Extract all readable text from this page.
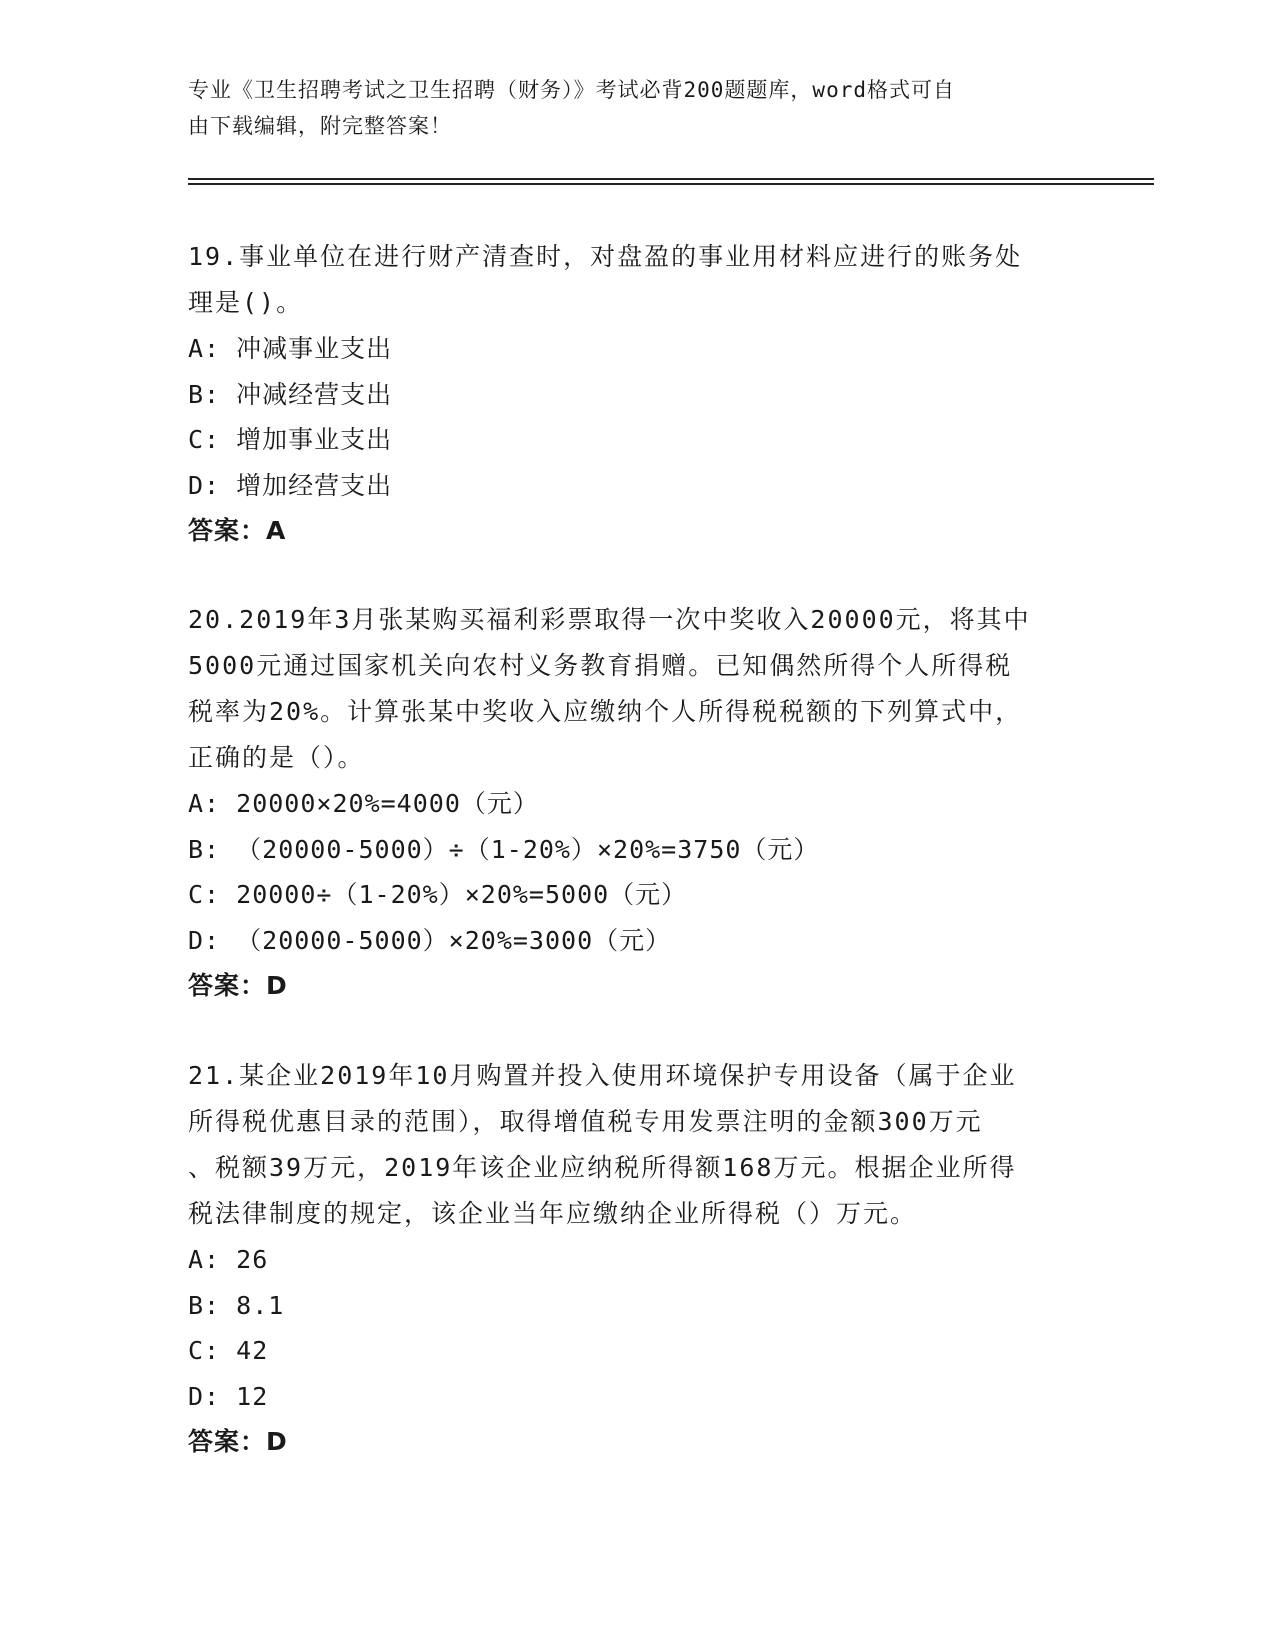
专业《卫生招聘考试之卫生招聘（财务）》考试必背200题题库，word格式可自
由下载编辑，附完整答案！

19.事业单位在进行财产清查时，对盘盈的事业用材料应进行的账务处

理是()。

A: 冲减事业支出

B: 冲减经营支出

C: 增加事业支出

D: 增加经营支出

答案：A

20.2019年3月张某购买福利彩票取得一次中奖收入20000元，将其中

5000元通过国家机关向农村义务教育捐赠。已知偶然所得个人所得税

税率为20%。计算张某中奖收入应缴纳个人所得税税额的下列算式中，

正确的是（）。

A: 20000×20%=4000（元）

B: （20000-5000）÷（1-20%）×20%=3750（元）

C: 20000÷（1-20%）×20%=5000（元）

D: （20000-5000）×20%=3000（元）

答案：D

21.某企业2019年10月购置并投入使用环境保护专用设备（属于企业

所得税优惠目录的范围），取得增值税专用发票注明的金额300万元

、税额39万元，2019年该企业应纳税所得额168万元。根据企业所得

税法律制度的规定，该企业当年应缴纳企业所得税（）万元。

A: 26

B: 8.1

C: 42

D: 12

答案：D
